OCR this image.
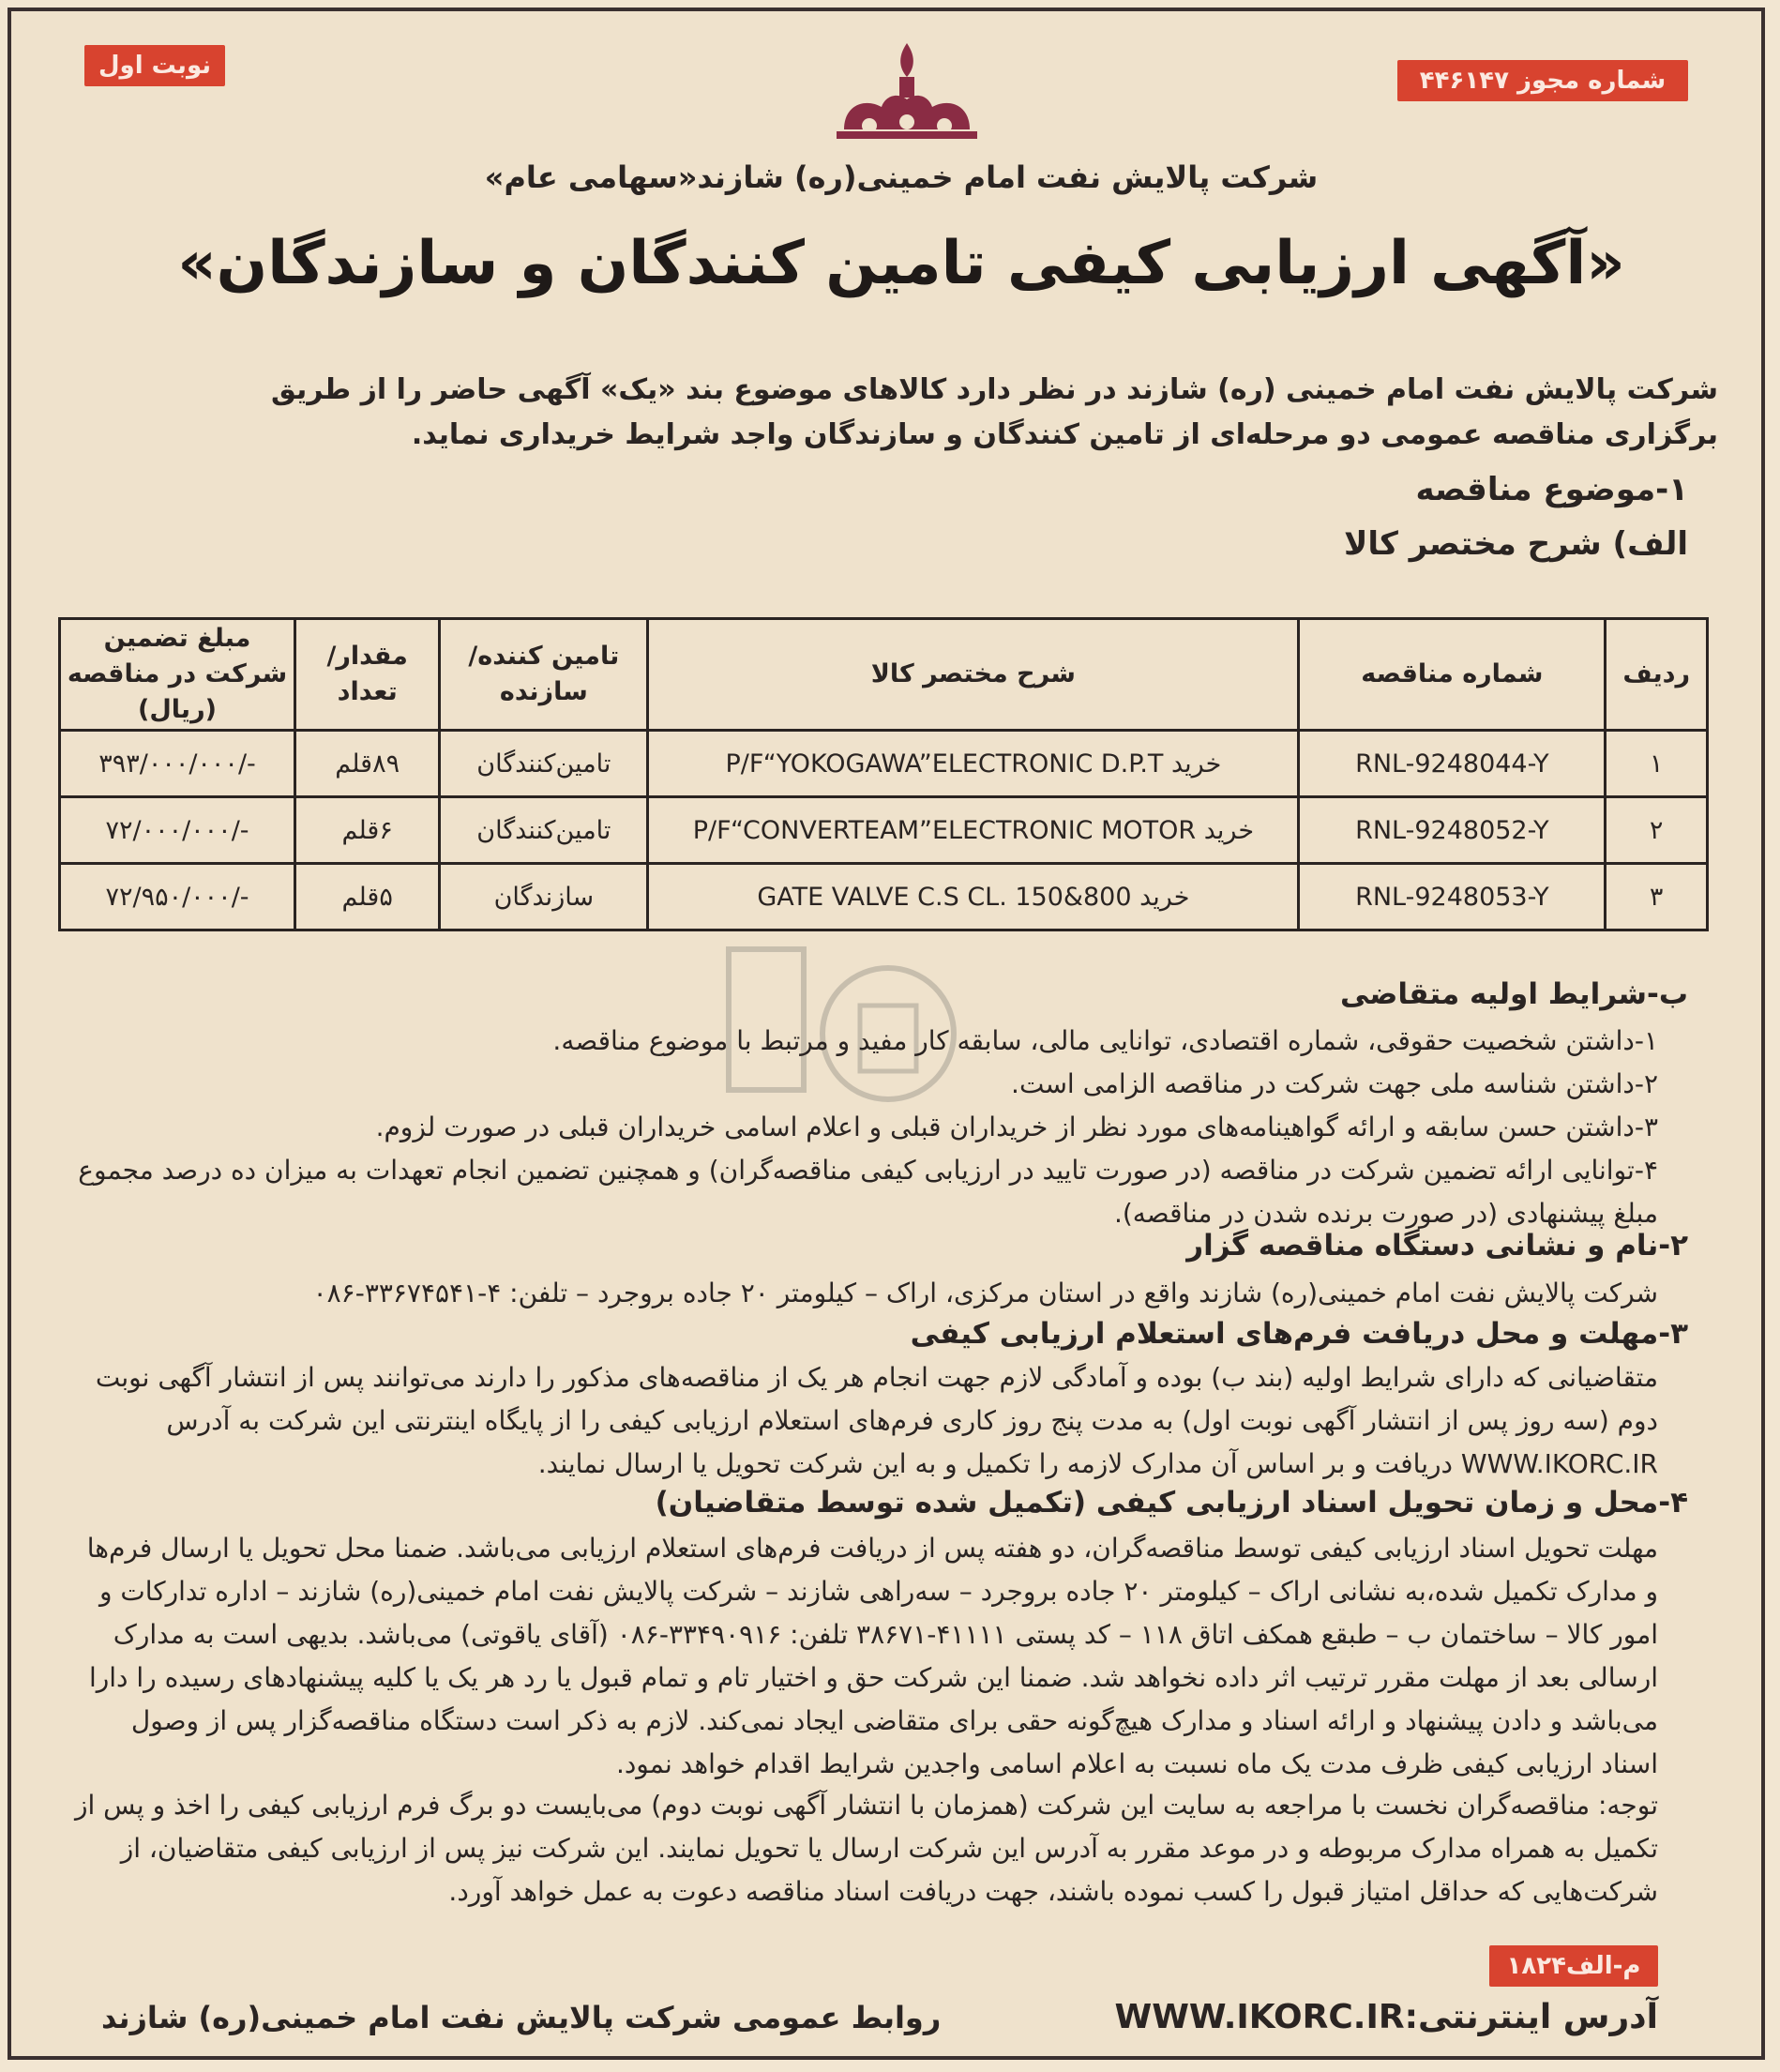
نوبت اول
شماره مجوز ۴۴۶۱۴۷
شرکت پالایش نفت امام خمینی(ره) شازند«سهامی عام»
«آگهی ارزیابی کیفی تامین کنندگان و سازندگان»
شرکت پالایش نفت امام خمینی (ره) شازند در نظر دارد کالاهای موضوع بند «یک» آگهی حاضر را از طریق برگزاری مناقصه عمومی دو مرحله‌ای از تامین کنندگان و سازندگان واجد شرایط خریداری نماید.
۱-موضوع مناقصه
الف) شرح مختصر کالا
ردیف	شماره مناقصه	شرح مختصر کالا	تامین کننده/ سازنده	مقدار/ تعداد	مبلغ تضمین شرکت در مناقصه (ریال)
۱	RNL-9248044-Y	خرید P/F“YOKOGAWA”ELECTRONIC D.P.T	تامین‌کنندگان	۸۹قلم	-/۳۹۳/۰۰۰/۰۰۰
۲	RNL-9248052-Y	خرید P/F“CONVERTEAM”ELECTRONIC MOTOR	تامین‌کنندگان	۶قلم	-/۷۲/۰۰۰/۰۰۰
۳	RNL-9248053-Y	خرید GATE VALVE C.S CL. 150&800	سازندگان	۵قلم	-/۷۲/۹۵۰/۰۰۰
ب-شرایط اولیه متقاضی
۱-داشتن شخصیت حقوقی، شماره اقتصادی، توانایی مالی، سابقه کار مفید و مرتبط با موضوع مناقصه.
۲-داشتن شناسه ملی جهت شرکت در مناقصه الزامی است.
۳-داشتن حسن سابقه و ارائه گواهینامه‌های مورد نظر از خریداران قبلی و اعلام اسامی خریداران قبلی در صورت لزوم.
۴-توانایی ارائه تضمین شرکت در مناقصه (در صورت تایید در ارزیابی کیفی مناقصه‌گران) و همچنین تضمین انجام تعهدات به میزان ده درصد مجموع مبلغ پیشنهادی (در صورت برنده شدن در مناقصه).
۲-نام و نشانی دستگاه مناقصه گزار
شرکت پالایش نفت امام خمینی(ره) شازند واقع در استان مرکزی، اراک – کیلومتر ۲۰ جاده بروجرد – تلفن: ۴-۳۳۶۷۴۵۴۱-۰۸۶
۳-مهلت و محل دریافت فرم‌های استعلام ارزیابی کیفی
متقاضیانی که دارای شرایط اولیه (بند ب) بوده و آمادگی لازم جهت انجام هر یک از مناقصه‌های مذکور را دارند می‌توانند پس از انتشار آگهی نوبت دوم (سه روز پس از انتشار آگهی نوبت اول) به مدت پنج روز کاری فرم‌های استعلام ارزیابی کیفی را از پایگاه اینترنتی این شرکت به آدرس WWW.IKORC.IR دریافت و بر اساس آن مدارک لازمه را تکمیل و به این شرکت تحویل یا ارسال نمایند.
۴-محل و زمان تحویل اسناد ارزیابی کیفی (تکمیل شده توسط متقاضیان)
مهلت تحویل اسناد ارزیابی کیفی توسط مناقصه‌گران، دو هفته پس از دریافت فرم‌های استعلام ارزیابی می‌باشد. ضمنا محل تحویل یا ارسال فرم‌ها و مدارک تکمیل شده،به نشانی اراک – کیلومتر ۲۰ جاده بروجرد – سه‌راهی شازند – شرکت پالایش نفت امام خمینی(ره) شازند – اداره تدارکات و امور کالا – ساختمان ب – طبقع همکف اتاق ۱۱۸ – کد پستی ۴۱۱۱۱-۳۸۶۷۱ تلفن: ۳۳۴۹۰۹۱۶-۰۸۶ (آقای یاقوتی) می‌باشد. بدیهی است به مدارک ارسالی بعد از مهلت مقرر ترتیب اثر داده نخواهد شد. ضمنا این شرکت حق و اختیار تام و تمام قبول یا رد هر یک یا کلیه پیشنهادهای رسیده را دارا می‌باشد و دادن پیشنهاد و ارائه اسناد و مدارک هیچ‌گونه حقی برای متقاضی ایجاد نمی‌کند. لازم به ذکر است دستگاه مناقصه‌گزار پس از وصول اسناد ارزیابی کیفی ظرف مدت یک ماه نسبت به اعلام اسامی واجدین شرایط اقدام خواهد نمود.
توجه: مناقصه‌گران نخست با مراجعه به سایت این شرکت (همزمان با انتشار آگهی نوبت دوم) می‌بایست دو برگ فرم ارزیابی کیفی را اخذ و پس از تکمیل به همراه مدارک مربوطه و در موعد مقرر به آدرس این شرکت ارسال یا تحویل نمایند. این شرکت نیز پس از ارزیابی کیفی متقاضیان، از شرکت‌هایی که حداقل امتیاز قبول را کسب نموده باشند، جهت دریافت اسناد مناقصه دعوت به عمل خواهد آورد.
م-الف۱۸۲۴
آدرس اینترنتی:WWW.IKORC.IR
روابط عمومی شرکت پالایش نفت امام خمینی(ره) شازند
